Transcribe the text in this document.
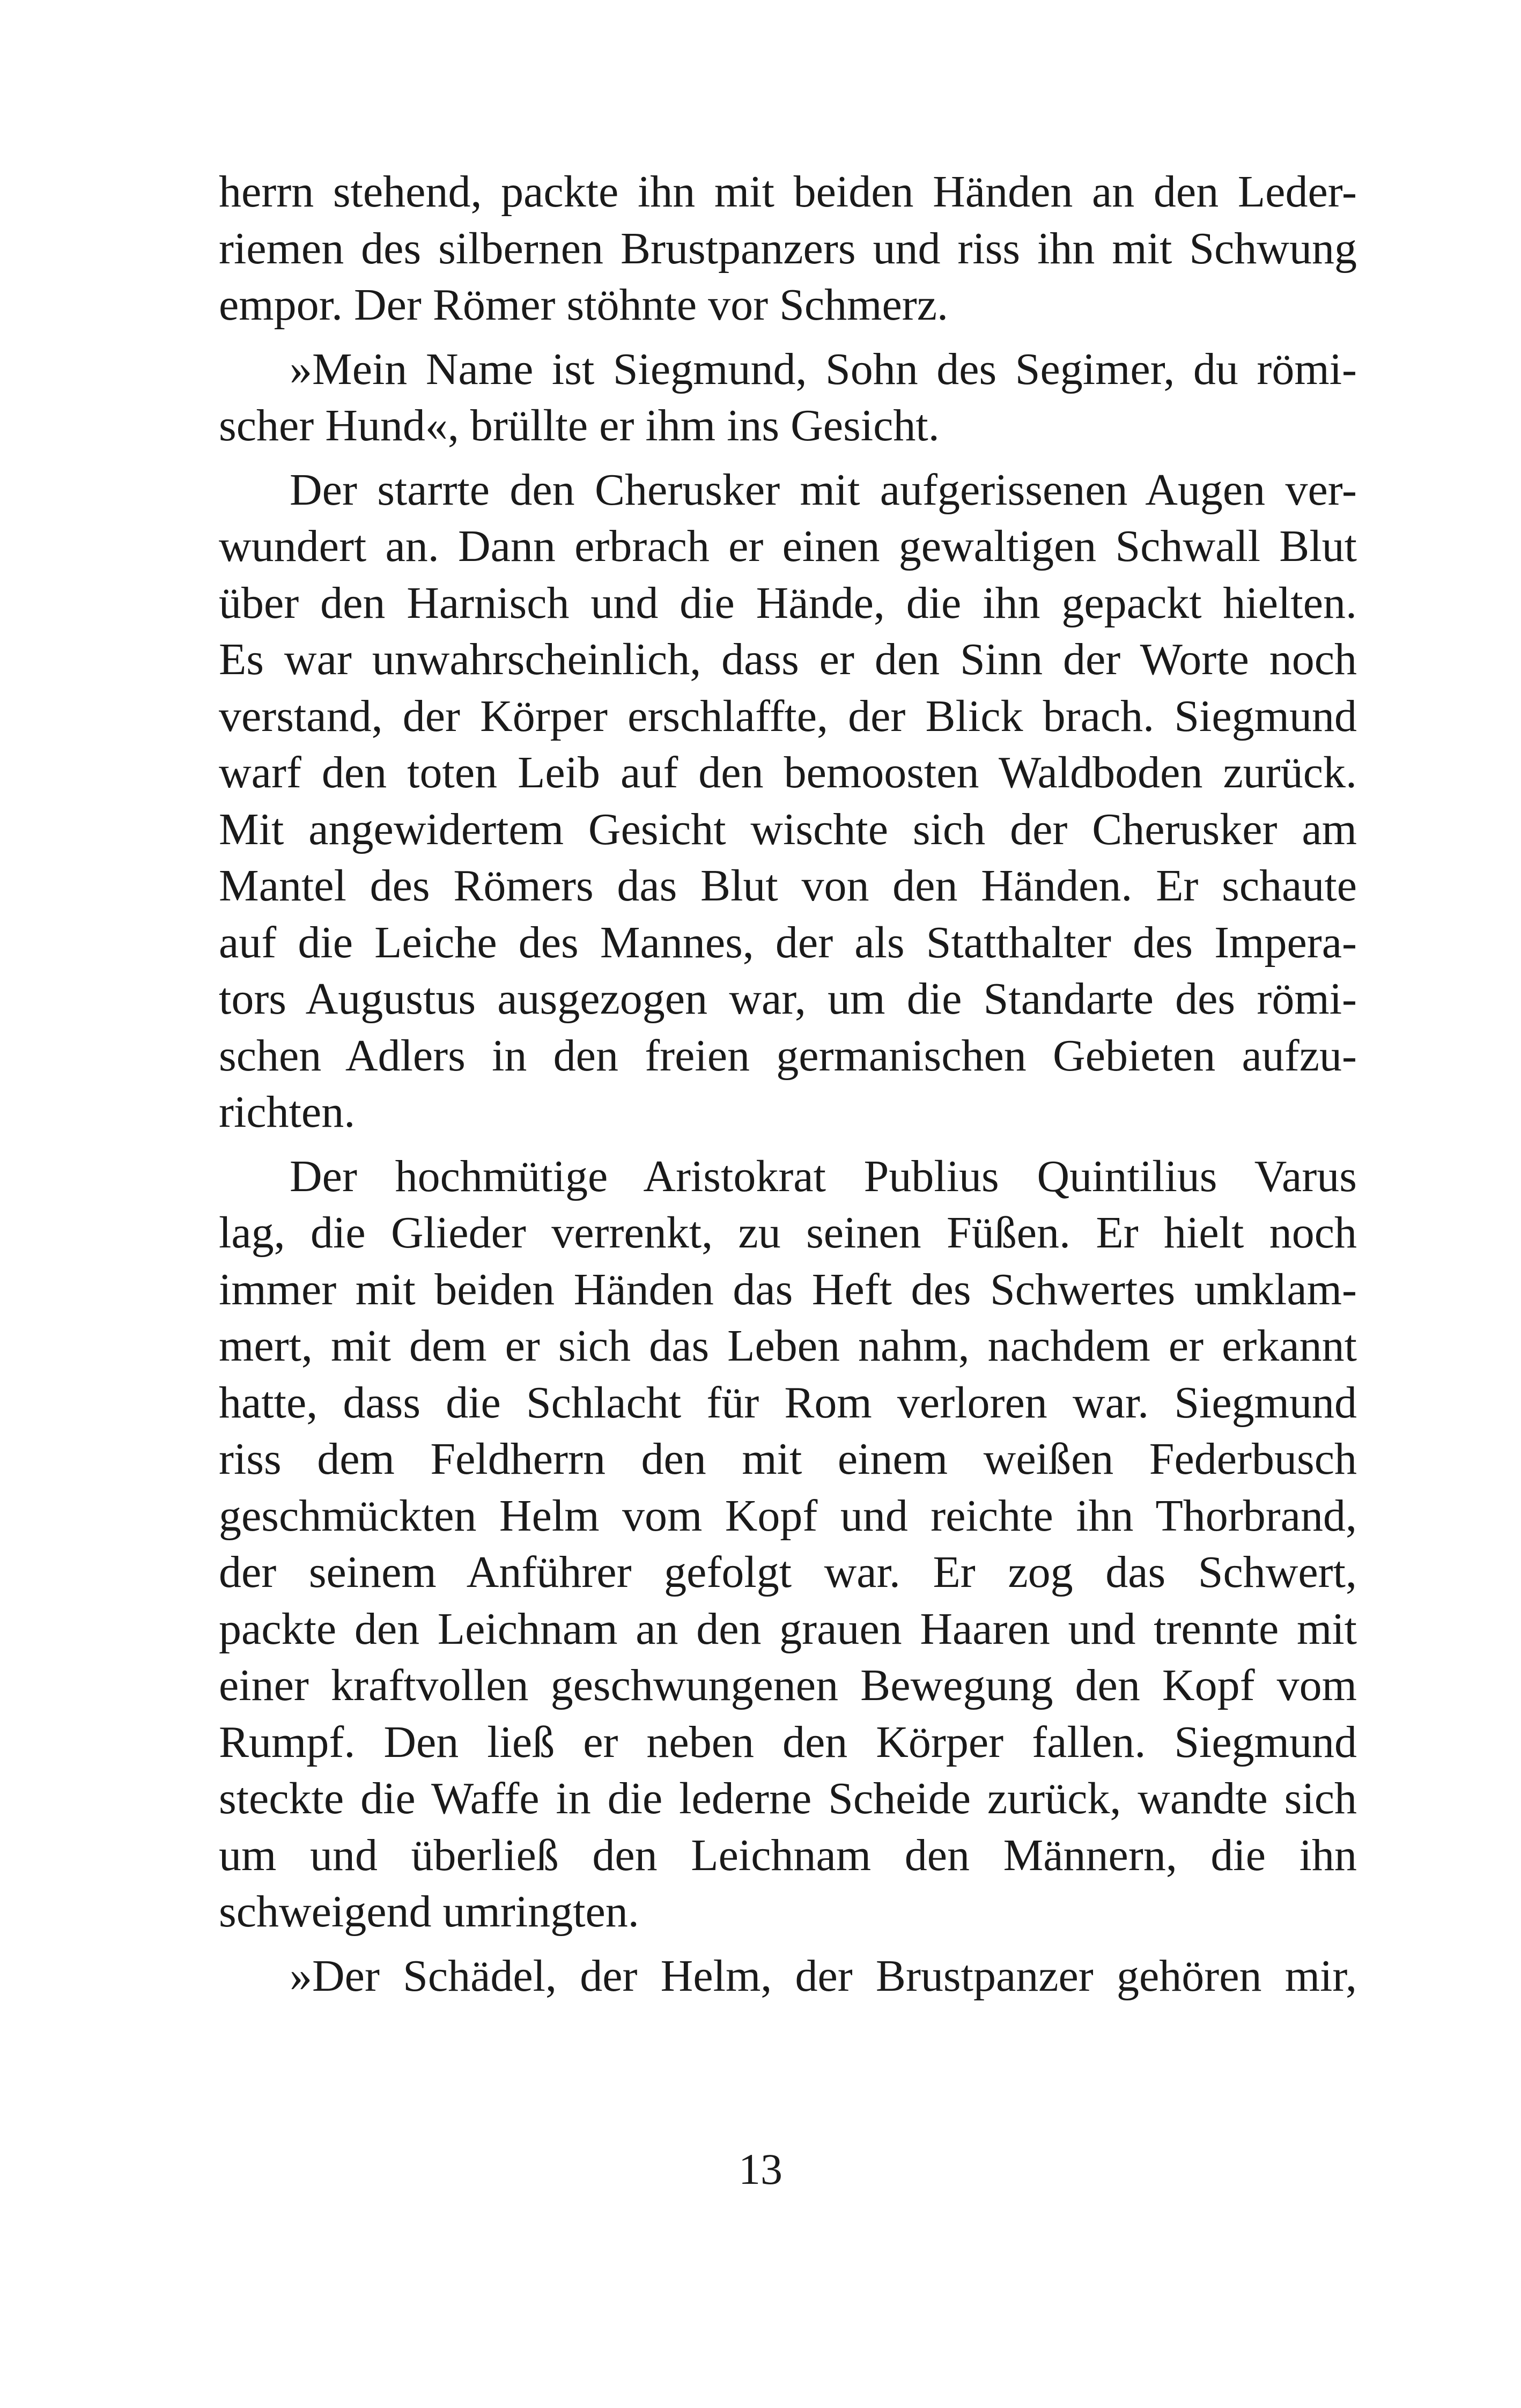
herrn stehend, packte ihn mit beiden Händen an den Leder-
riemen des silbernen Brustpanzers und riss ihn mit Schwung
empor. Der Römer stöhnte vor Schmerz.
»Mein Name ist Siegmund, Sohn des Segimer, du römi-
scher Hund«, brüllte er ihm ins Gesicht.
Der starrte den Cherusker mit aufgerissenen Augen ver-
wundert an. Dann erbrach er einen gewaltigen Schwall Blut
über den Harnisch und die Hände, die ihn gepackt hielten.
Es war unwahrscheinlich, dass er den Sinn der Worte noch
verstand, der Körper erschlaffte, der Blick brach. Siegmund
warf den toten Leib auf den bemoosten Waldboden zurück.
Mit angewidertem Gesicht wischte sich der Cherusker am
Mantel des Römers das Blut von den Händen. Er schaute
auf die Leiche des Mannes, der als Statthalter des Impera-
tors Augustus ausgezogen war, um die Standarte des römi-
schen Adlers in den freien germanischen Gebieten aufzu-
richten.
Der hochmütige Aristokrat Publius Quintilius Varus
lag, die Glieder verrenkt, zu seinen Füßen. Er hielt noch
immer mit beiden Händen das Heft des Schwertes umklam-
mert, mit dem er sich das Leben nahm, nachdem er erkannt
hatte, dass die Schlacht für Rom verloren war. Siegmund
riss dem Feldherrn den mit einem weißen Federbusch
geschmückten Helm vom Kopf und reichte ihn Thorbrand,
der seinem Anführer gefolgt war. Er zog das Schwert,
packte den Leichnam an den grauen Haaren und trennte mit
einer kraftvollen geschwungenen Bewegung den Kopf vom
Rumpf. Den ließ er neben den Körper fallen. Siegmund
steckte die Waffe in die lederne Scheide zurück, wandte sich
um und überließ den Leichnam den Männern, die ihn
schweigend umringten.
»Der Schädel, der Helm, der Brustpanzer gehören mir,
13
